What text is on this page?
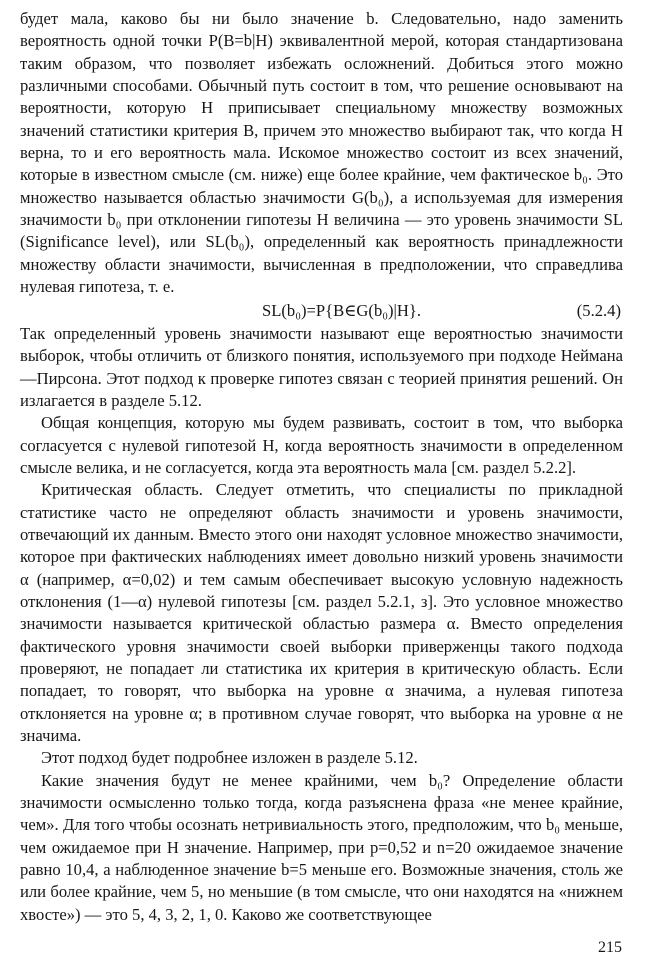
будет мала, каково бы ни было значение b. Следовательно, надо заменить вероятность одной точки P(B=b|H) эквивалентной мерой, которая стандартизована таким образом, что позволяет избежать осложнений. Добиться этого можно различными способами. Обычный путь состоит в том, что решение основывают на вероятности, которую H приписывает специальному множеству возможных значений статистики критерия B, причем это множество выбирают так, что когда H верна, то и его вероятность мала. Искомое множество состоит из всех значений, которые в известном смысле (см. ниже) еще более крайние, чем фактическое b₀. Это множество называется областью значимости G(b₀), а используемая для измерения значимости b₀ при отклонении гипотезы H величина — это уровень значимости SL (Significance level), или SL(b₀), определенный как вероятность принадлежности множеству области значимости, вычисленная в предположении, что справедлива нулевая гипотеза, т. е.

SL(b₀)=P{B∈G(b₀)|H}.	(5.2.4)

Так определенный уровень значимости называют еще вероятностью значимости выборок, чтобы отличить от близкого понятия, используемого при подходе Неймана—Пирсона. Этот подход к проверке гипотез связан с теорией принятия решений. Он излагается в разделе 5.12.

Общая концепция, которую мы будем развивать, состоит в том, что выборка согласуется с нулевой гипотезой H, когда вероятность значимости в определенном смысле велика, и не согласуется, когда эта вероятность мала [см. раздел 5.2.2].

Критическая область. Следует отметить, что специалисты по прикладной статистике часто не определяют область значимости и уровень значимости, отвечающий их данным. Вместо этого они находят условное множество значимости, которое при фактических наблюдениях имеет довольно низкий уровень значимости α (например, α=0,02) и тем самым обеспечивает высокую условную надежность отклонения (1—α) нулевой гипотезы [см. раздел 5.2.1, з]. Это условное множество значимости называется критической областью размера α. Вместо определения фактического уровня значимости своей выборки приверженцы такого подхода проверяют, не попадает ли статистика их критерия в критическую область. Если попадает, то говорят, что выборка на уровне α значима, а нулевая гипотеза отклоняется на уровне α; в противном случае говорят, что выборка на уровне α не значима.

Этот подход будет подробнее изложен в разделе 5.12.

Какие значения будут не менее крайними, чем b₀? Определение области значимости осмысленно только тогда, когда разъяснена фраза «не менее крайние, чем». Для того чтобы осознать нетривиальность этого, предположим, что b₀ меньше, чем ожидаемое при H значение. Например, при p=0,52 и n=20 ожидаемое значение равно 10,4, а наблюденное значение b=5 меньше его. Возможные значения, столь же или более крайние, чем 5, но меньшие (в том смысле, что они находятся на «нижнем хвосте») — это 5, 4, 3, 2, 1, 0. Каково же соответствующее

215
